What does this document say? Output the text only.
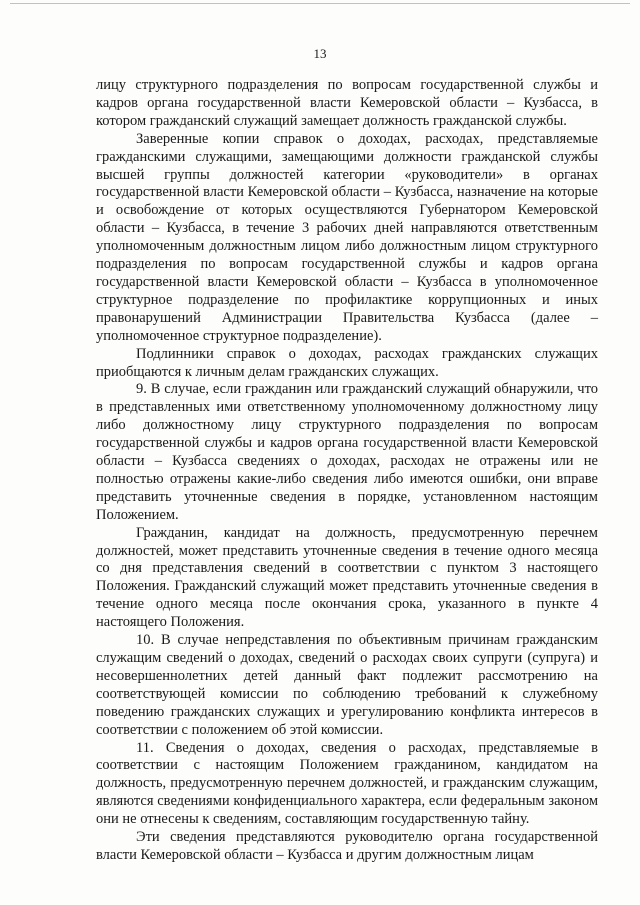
13

лицу структурного подразделения по вопросам государственной службы и кадров органа государственной власти Кемеровской области – Кузбасса, в котором гражданский служащий замещает должность гражданской службы.

Заверенные копии справок о доходах, расходах, представляемые гражданскими служащими, замещающими должности гражданской службы высшей группы должностей категории «руководители» в органах государственной власти Кемеровской области – Кузбасса, назначение на которые и освобождение от которых осуществляются Губернатором Кемеровской области – Кузбасса, в течение 3 рабочих дней направляются ответственным уполномоченным должностным лицом либо должностным лицом структурного подразделения по вопросам государственной службы и кадров органа государственной власти Кемеровской области – Кузбасса в уполномоченное структурное подразделение по профилактике коррупционных и иных правонарушений Администрации Правительства Кузбасса (далее – уполномоченное структурное подразделение).

Подлинники справок о доходах, расходах гражданских служащих приобщаются к личным делам гражданских служащих.

9. В случае, если гражданин или гражданский служащий обнаружили, что в представленных ими ответственному уполномоченному должностному лицу либо должностному лицу структурного подразделения по вопросам государственной службы и кадров органа государственной власти Кемеровской области – Кузбасса сведениях о доходах, расходах не отражены или не полностью отражены какие-либо сведения либо имеются ошибки, они вправе представить уточненные сведения в порядке, установленном настоящим Положением.

Гражданин, кандидат на должность, предусмотренную перечнем должностей, может представить уточненные сведения в течение одного месяца со дня представления сведений в соответствии с пунктом 3 настоящего Положения. Гражданский служащий может представить уточненные сведения в течение одного месяца после окончания срока, указанного в пункте 4 настоящего Положения.

10. В случае непредставления по объективным причинам гражданским служащим сведений о доходах, сведений о расходах своих супруги (супруга) и несовершеннолетних детей данный факт подлежит рассмотрению на соответствующей комиссии по соблюдению требований к служебному поведению гражданских служащих и урегулированию конфликта интересов в соответствии с положением об этой комиссии.

11. Сведения о доходах, сведения о расходах, представляемые в соответствии с настоящим Положением гражданином, кандидатом на должность, предусмотренную перечнем должностей, и гражданским служащим, являются сведениями конфиденциального характера, если федеральным законом они не отнесены к сведениям, составляющим государственную тайну.

Эти сведения представляются руководителю органа государственной власти Кемеровской области – Кузбасса и другим должностным лицам
